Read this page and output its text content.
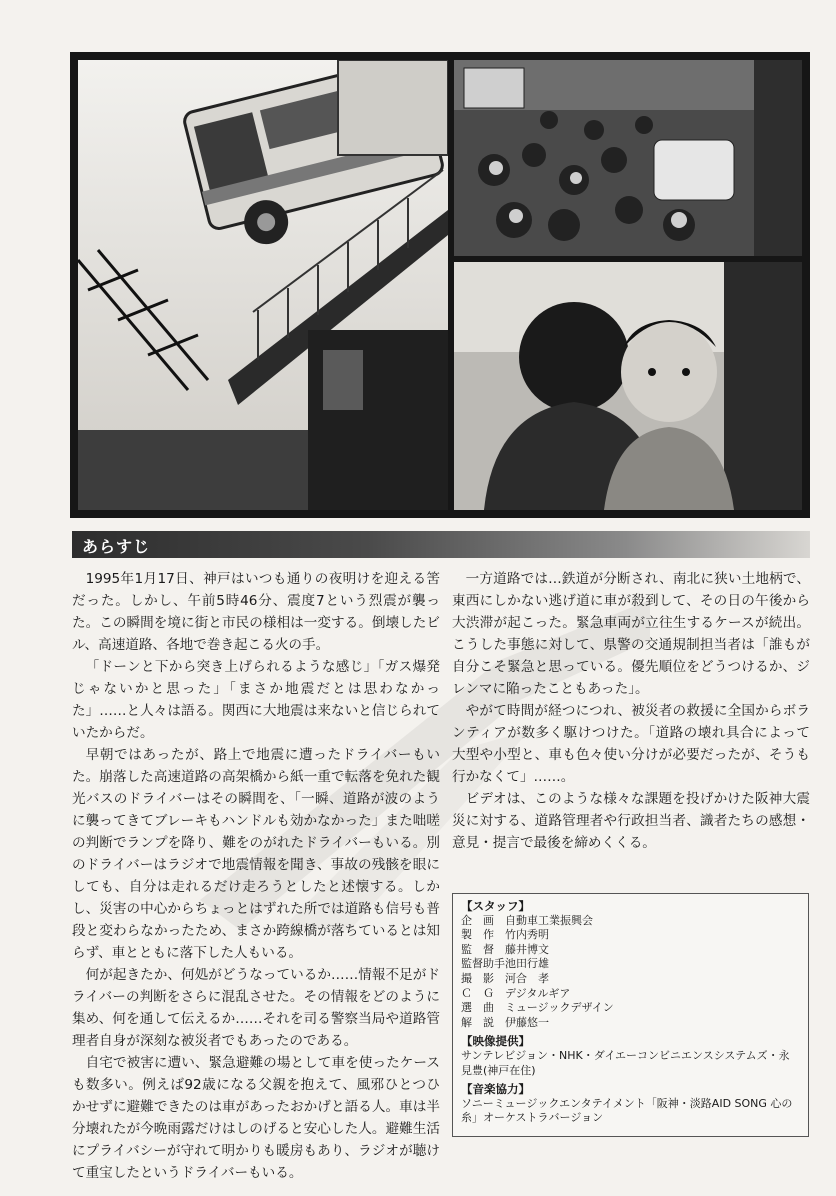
あらすじ

1995年1月17日、神戸はいつも通りの夜明けを迎える筈だった。しかし、午前5時46分、震度7という烈震が襲った。この瞬間を境に街と市民の様相は一変する。倒壊したビル、高速道路、各地で巻き起こる火の手。

「ドーンと下から突き上げられるような感じ」「ガス爆発じゃないかと思った」「まさか地震だとは思わなかった」……と人々は語る。関西に大地震は来ないと信じられていたからだ。

早朝ではあったが、路上で地震に遭ったドライバーもいた。崩落した高速道路の高架橋から紙一重で転落を免れた観光バスのドライバーはその瞬間を、「一瞬、道路が波のように襲ってきてブレーキもハンドルも効かなかった」また咄嗟の判断でランプを降り、難をのがれたドライバーもいる。別のドライバーはラジオで地震情報を聞き、事故の残骸を眼にしても、自分は走れるだけ走ろうとしたと述懐する。しかし、災害の中心からちょっとはずれた所では道路も信号も普段と変わらなかったため、まさか跨線橋が落ちているとは知らず、車とともに落下した人もいる。

何が起きたか、何処がどうなっているか……情報不足がドライバーの判断をさらに混乱させた。その情報をどのように集め、何を通して伝えるか……それを司る警察当局や道路管理者自身が深刻な被災者でもあったのである。

自宅で被害に遭い、緊急避難の場として車を使ったケースも数多い。例えば92歳になる父親を抱えて、風邪ひとつひかせずに避難できたのは車があったおかげと語る人。車は半分壊れたが今晩雨露だけはしのげると安心した人。避難生活にプライバシーが守れて明かりも暖房もあり、ラジオが聴けて重宝したというドライバーもいる。

一方道路では…鉄道が分断され、南北に狭い土地柄で、東西にしかない逃げ道に車が殺到して、その日の午後から大渋滞が起こった。緊急車両が立往生するケースが続出。こうした事態に対して、県警の交通規制担当者は「誰もが自分こそ緊急と思っている。優先順位をどうつけるか、ジレンマに陥ったこともあった」。

やがて時間が経つにつれ、被災者の救援に全国からボランティアが数多く駆けつけた。「道路の壊れ具合によって大型や小型と、車も色々使い分けが必要だったが、そうも行かなくて」……。

ビデオは、このような様々な課題を投げかけた阪神大震災に対する、道路管理者や行政担当者、識者たちの感想・意見・提言で最後を締めくくる。

【スタッフ】
企　画	自動車工業振興会
製　作	竹内秀明
監　督	藤井博文
監督助手 池田行雄
撮　影	河合　孝
Ｃ　Ｇ	デジタルギア
選　曲	ミュージックデザイン
解　説	伊藤悠一
【映像提供】
サンテレビジョン・NHK・ダイエーコンビニエンスシステムズ・永見豊(神戸在住)
【音楽協力】
ソニーミュージックエンタテイメント「阪神・淡路AID SONG 心の糸」オーケストラバージョン
